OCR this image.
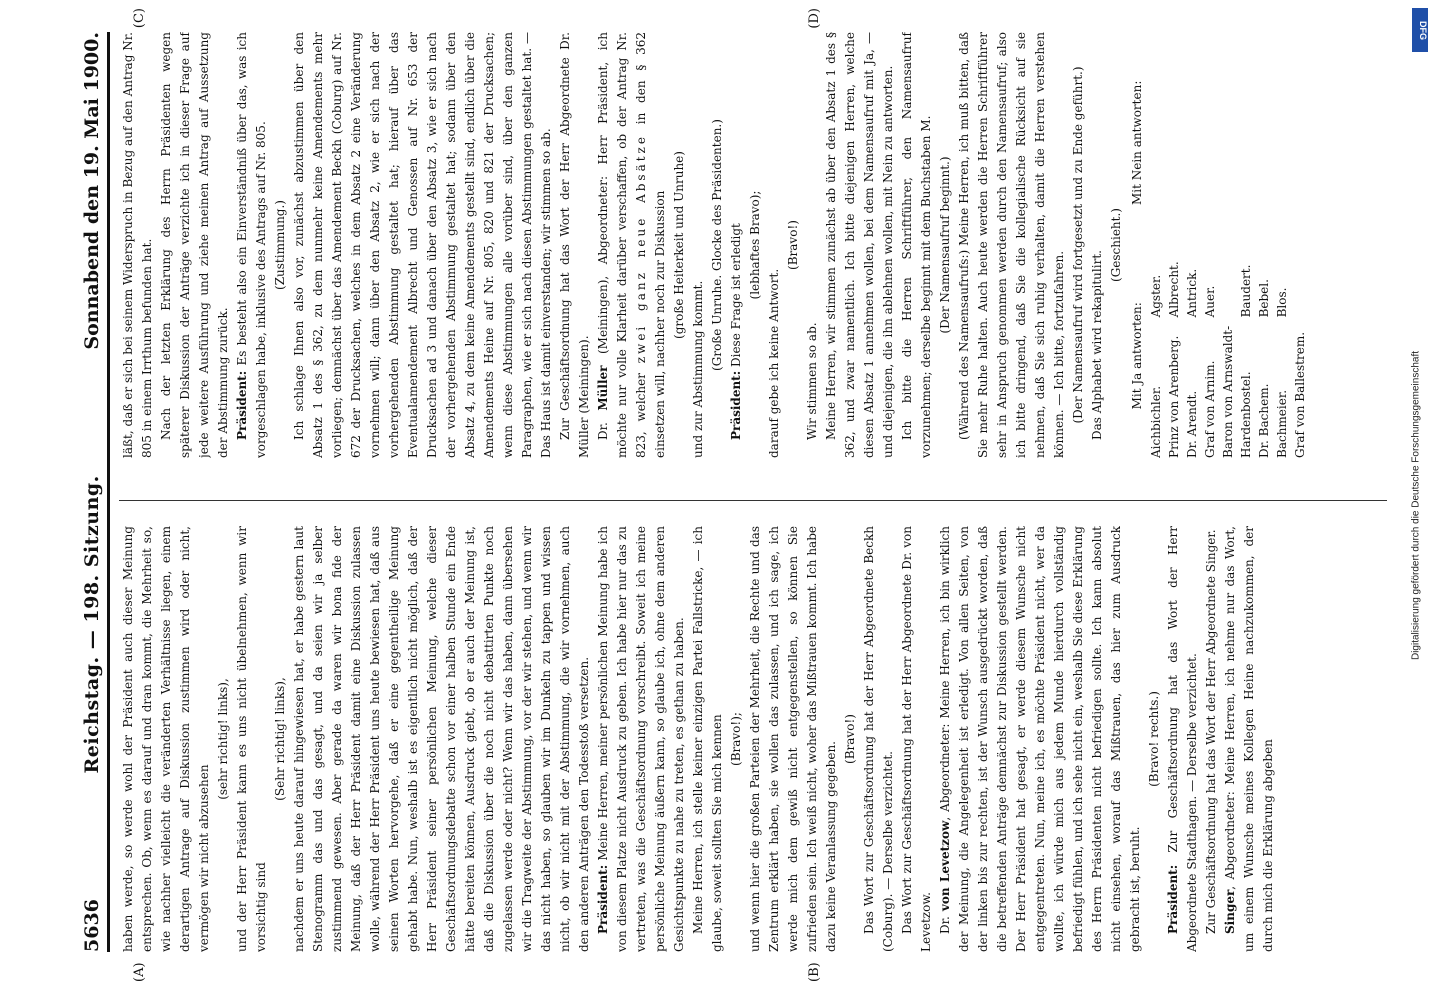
5636
Reichstag. — 198. Sitzung.
Sonnabend den 19. Mai 1900.

haben werde, so werde wohl der Präsident auch dieser Meinung entsprechen. Ob, wenn es darauf und dran kommt, die Mehrheit so, wie nachher vielleicht die veränderten Verhältnisse liegen, einem derartigen Antrage auf Diskussion zustimmen wird oder nicht, vermögen wir nicht abzusehen

(sehr richtig! links), und der Herr Präsident kann es uns nicht übelnehmen, wenn wir vorsichtig sind

(Sehr richtig! links), nachdem er uns heute darauf hingewiesen hat, er habe gestern laut Stenogramm das und das gesagt, und da seien wir ja selber zustimmend gewesen. Aber gerade da waren wir bona fide der Meinung, daß der Herr Präsident damit eine Diskussion zulassen wolle, während der Herr Präsident uns heute bewiesen hat, daß aus seinen Worten hervorgehe, daß er eine gegentheilige Meinung gehabt habe. Nun, weshalb ist es eigentlich nicht möglich, daß der Herr Präsident seiner persönlichen Meinung, welche dieser Geschäftsordnungsdebatte schon vor einer halben Stunde ein Ende hätte bereiten können, Ausdruck giebt, ob er auch der Meinung ist, daß die Diskussion über die noch nicht debattirten Punkte noch zugelassen werde oder nicht? Wenn wir das haben, dann übersehen wir die Tragweite der Abstimmung, vor der wir stehen, und wenn wir das nicht haben, so glauben wir im Dunkeln zu tappen und wissen nicht, ob wir nicht mit der Abstimmung, die wir vornehmen, auch den anderen Anträgen den Todesstoß versetzen. Präsident: Meine Herren, meiner persönlichen Meinung habe ich von diesem Platze nicht Ausdruck zu geben. Ich habe hier nur das zu vertreten, was die Geschäftsordnung vorschreibt. Soweit ich meine persönliche Meinung äußern kann, so glaube ich, ohne dem anderen Gesichtspunkte zu nahe zu treten, es gethan zu haben. Meine Herren, ich stelle keiner einzigen Partei Fallstricke, — ich glaube, soweit sollten Sie mich kennen (Bravo!); und wenn hier die großen Parteien der Mehrheit, die Rechte und das Zentrum erklärt haben, sie wollen das zulassen, und ich sage, ich werde mich dem gewiß nicht entgegenstellen, so können Sie zufrieden sein. Ich weiß nicht, woher das Mißtrauen kommt. Ich habe dazu keine Veranlassung gegeben.

(Bravo!) Das Wort zur Geschäftsordnung hat der Herr Abgeordnete Beckh (Coburg). — Derselbe verzichtet. Das Wort zur Geschäftsordnung hat der Herr Abgeordnete Dr. von Levetzow. Dr. von Levetzow, Abgeordneter: Meine Herren, ich bin wirklich der Meinung, die Angelegenheit ist erledigt. Von allen Seiten, von der linken bis zur rechten, ist der Wunsch ausgedrückt worden, daß die betreffenden Anträge demnächst zur Diskussion gestellt werden. Der Herr Präsident hat gesagt, er werde diesem Wunsche nicht entgegentreten. Nun, meine ich, es möchte Präsident nicht, wer da wollte, ich würde mich aus jedem Munde hierdurch vollständig befriedigt fühlen, und ich sehe nicht ein, weshalb Sie diese Erklärung des Herrn Präsidenten nicht befriedigen sollte. Ich kann absolut nicht einsehen, worauf das Mißtrauen, das hier zum Ausdruck gebracht ist, beruht.

(Bravo! rechts.)

Präsident: Zur Geschäftsordnung hat das Wort der Herr Abgeordnete Stadthagen. — Derselbe verzichtet. Zur Geschäftsordnung hat das Wort der Herr Abgeordnete Singer. Singer, Abgeordneter: Meine Herren, ich nehme nur das Wort, um einem Wunsche meines Kollegen Heine nachzukommen, der durch mich die Erklärung abgeben

läßt, daß er sich bei seinem Widerspruch in Bezug auf den Antrag Nr. 805 in einem Irrthum befunden hat. Nach der letzten Erklärung des Herrn Präsidenten wegen späterer Diskussion der Anträge verzichte ich in dieser Frage auf jede weitere Ausführung und ziehe meinen Antrag auf Aussetzung der Abstimmung zurück. Präsident: Es besteht also ein Einverständniß über das, was ich vorgeschlagen habe, inklusive des Antrags auf Nr. 805. (Zustimmung.) Ich schlage Ihnen also vor, zunächst abzustimmen über den Absatz 1 des § 362, zu dem nunmehr keine Amendements mehr vorliegen; demnächst über das Amendement Beckh (Coburg) auf Nr. 672 der Drucksachen, welches in dem Absatz 2 eine Veränderung vornehmen will; dann über den Absatz 2, wie er sich nach der vorhergehenden Abstimmung gestaltet hat; hierauf über das Eventualamendement Albrecht und Genossen auf Nr. 653 der Drucksachen ad 3 und danach über den Absatz 3, wie er sich nach der vorhergehenden Abstimmung gestaltet hat; sodann über den Absatz 4, zu dem keine Amendements gestellt sind, endlich über die Amendements Heine auf Nr. 805, 820 und 821 der Drucksachen; wenn diese Abstimmungen alle vorüber sind, über den ganzen Paragraphen, wie er sich nach diesen Abstimmungen gestaltet hat. — Das Haus ist damit einverstanden; wir stimmen so ab. Zur Geschäftsordnung hat das Wort der Herr Abgeordnete Dr. Müller (Meiningen). Dr. Müller (Meiningen), Abgeordneter: Herr Präsident, ich möchte nur volle Klarheit darüber verschaffen, ob der Antrag Nr. 823, welcher zwei ganz neue Absätze in den § 362 einsetzen will, nachher noch zur Diskussion (große Heiterkeit und Unruhe)

und zur Abstimmung kommt. (Große Unruhe. Glocke des Präsidenten.)

Präsident: Diese Frage ist erledigt (lebhaftes Bravo);

darauf gebe ich keine Antwort.

(Bravo!)

Wir stimmen so ab. Meine Herren, wir stimmen zunächst ab über den Absatz 1 des § 362, und zwar namentlich. Ich bitte diejenigen Herren, welche diesen Absatz 1 annehmen wollen, bei dem Namensaufruf mit Ja, — und diejenigen, die ihn ablehnen wollen, mit Nein zu antworten. Ich bitte die Herren Schriftführer, den Namensaufruf vorzunehmen; derselbe beginnt mit dem Buchstaben M. (Der Namensaufruf beginnt.) (Während des Namensaufrufs:) Meine Herren, ich muß bitten, daß Sie mehr Ruhe halten. Auch heute werden die Herren Schriftführer sehr in Anspruch genommen werden durch den Namensaufruf; also ich bitte dringend, daß Sie die kollegialische Rücksicht auf sie nehmen, daß Sie sich ruhig verhalten, damit die Herren verstehen können. — Ich bitte, fortzufahren. (Der Namensaufruf wird fortgesetzt und zu Ende geführt.) Das Alphabet wird rekapitulirt.

(Geschieht.)

Mit Ja antworten:
Mit Nein antworten:
Aichbichler. Prinz von Arenberg. Dr. Arendt. Graf von Arnim. Baron von Arnswaldt-Hardenbostel. Dr. Bachem. Bachmeier. Graf von Ballestrem.
Agster. Albrecht. Antrick. Auer.
Baudert. Bebel. Blos.
(A)	(B)
(C)	(D)
Digitalisierung gefördert durch die Deutsche Forschungsgemeinschaft
DFG
